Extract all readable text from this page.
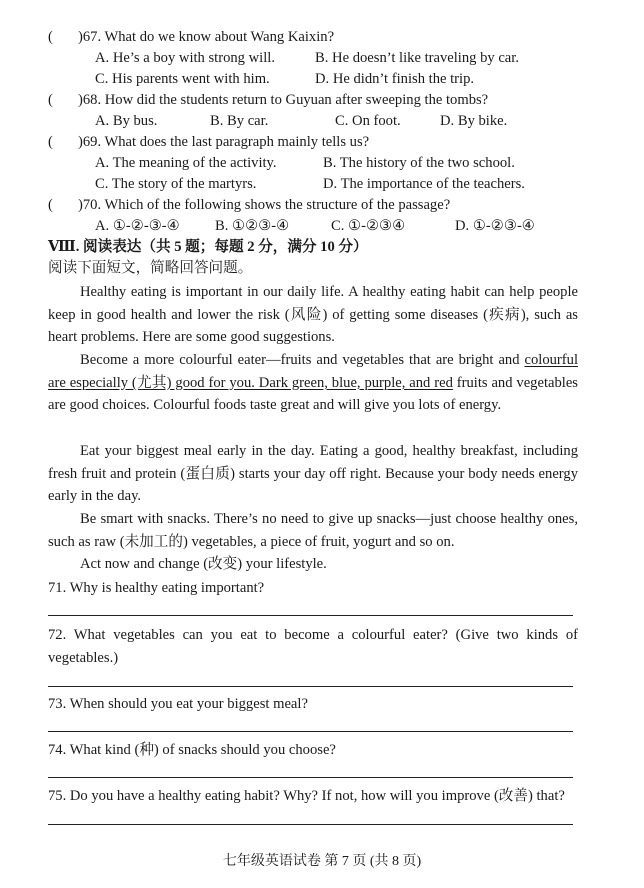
( )67. What do we know about Wang Kaixin?
A. He’s a boy with strong will.	B. He doesn’t like traveling by car.
C. His parents went with him.	D. He didn’t finish the trip.
( )68. How did the students return to Guyuan after sweeping the tombs?
A. By bus.	B. By car.	C. On foot.	D. By bike.
( )69. What does the last paragraph mainly tells us?
A. The meaning of the activity.	B. The history of the two school.
C. The story of the martyrs.	D. The importance of the teachers.
( )70. Which of the following shows the structure of the passage?
A. ①-②-③-④ B. ①②③-④	C. ①-②③④	D. ①-②③-④
Ⅷ. 阅读表达（共 5 题；每题 2 分，满分 10 分）
阅读下面短文，简略回答问题。
Healthy eating is important in our daily life. A healthy eating habit can help people keep in good health and lower the risk (风险) of getting some diseases (疾病), such as heart problems. Here are some good suggestions.
Become a more colourful eater—fruits and vegetables that are bright and colourful are especially (尤其) good for you. Dark green, blue, purple, and red fruits and vegetables are good choices. Colourful foods taste great and will give you lots of energy.
Eat your biggest meal early in the day. Eating a good, healthy breakfast, including fresh fruit and protein (蛋白质) starts your day off right. Because your body needs energy early in the day.
Be smart with snacks. There’s no need to give up snacks—just choose healthy ones, such as raw (未加工的) vegetables, a piece of fruit, yogurt and so on.
Act now and change (改变) your lifestyle.
71. Why is healthy eating important?
72. What vegetables can you eat to become a colourful eater? (Give two kinds of vegetables.)
73. When should you eat your biggest meal?
74. What kind (种) of snacks should you choose?
75. Do you have a healthy eating habit? Why? If not, how will you improve (改善) that?
七年级英语试卷 第 7 页 (共 8 页)
